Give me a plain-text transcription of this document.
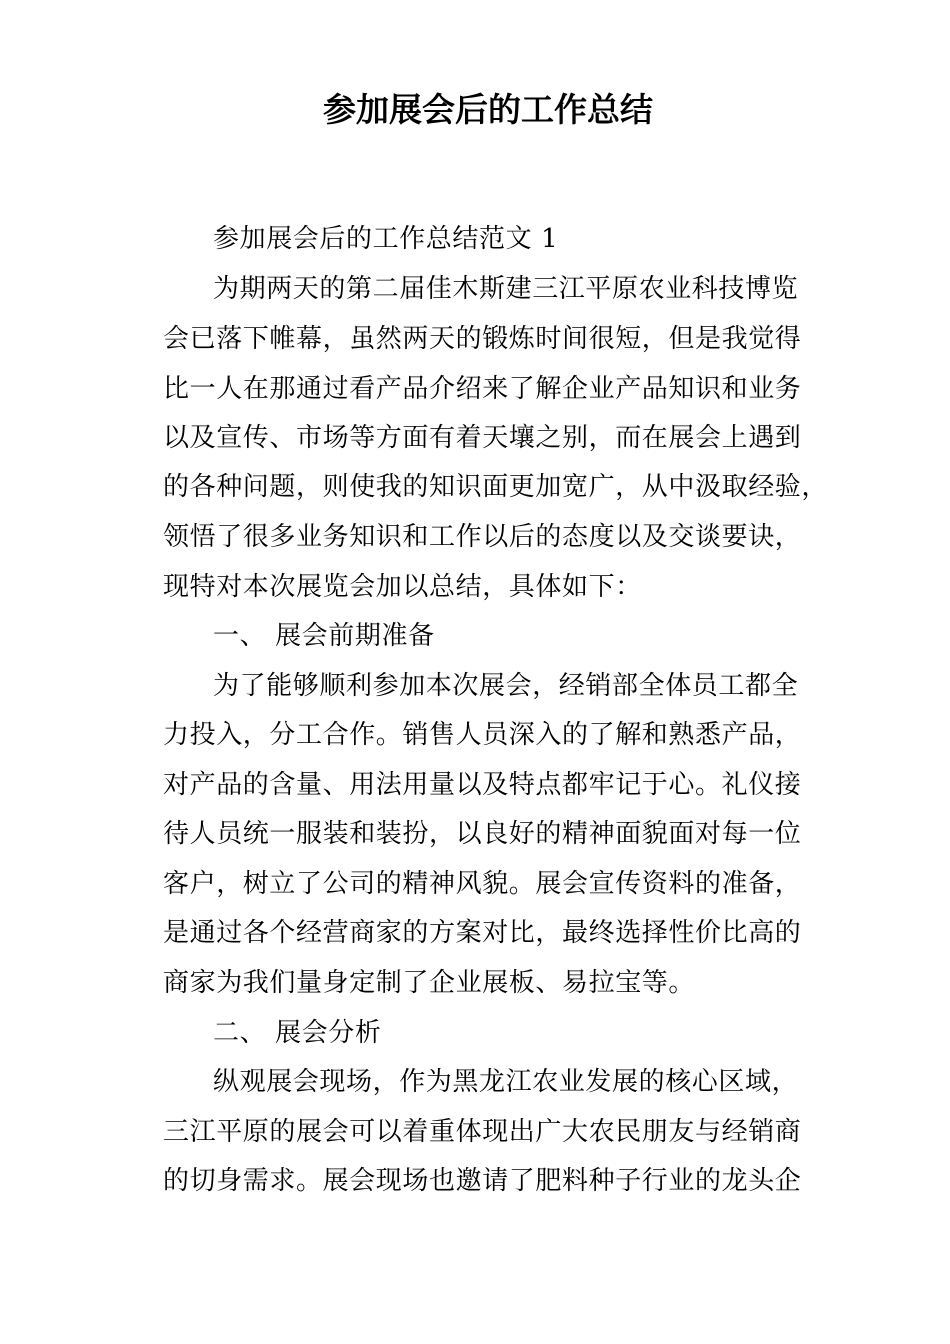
参加展会后的工作总结

参加展会后的工作总结范文 1

为期两天的第二届佳木斯建三江平原农业科技博览

会已落下帷幕，虽然两天的锻炼时间很短，但是我觉得

比一人在那通过看产品介绍来了解企业产品知识和业务

以及宣传、市场等方面有着天壤之别，而在展会上遇到

的各种问题，则使我的知识面更加宽广，从中汲取经验，

领悟了很多业务知识和工作以后的态度以及交谈要诀，

现特对本次展览会加以总结，具体如下：

一、 展会前期准备

为了能够顺利参加本次展会，经销部全体员工都全

力投入，分工合作。销售人员深入的了解和熟悉产品，

对产品的含量、用法用量以及特点都牢记于心。礼仪接

待人员统一服装和装扮，以良好的精神面貌面对每一位

客户，树立了公司的精神风貌。展会宣传资料的准备，

是通过各个经营商家的方案对比，最终选择性价比高的

商家为我们量身定制了企业展板、易拉宝等。

二、 展会分析

纵观展会现场，作为黑龙江农业发展的核心区域，

三江平原的展会可以着重体现出广大农民朋友与经销商

的切身需求。展会现场也邀请了肥料种子行业的龙头企
